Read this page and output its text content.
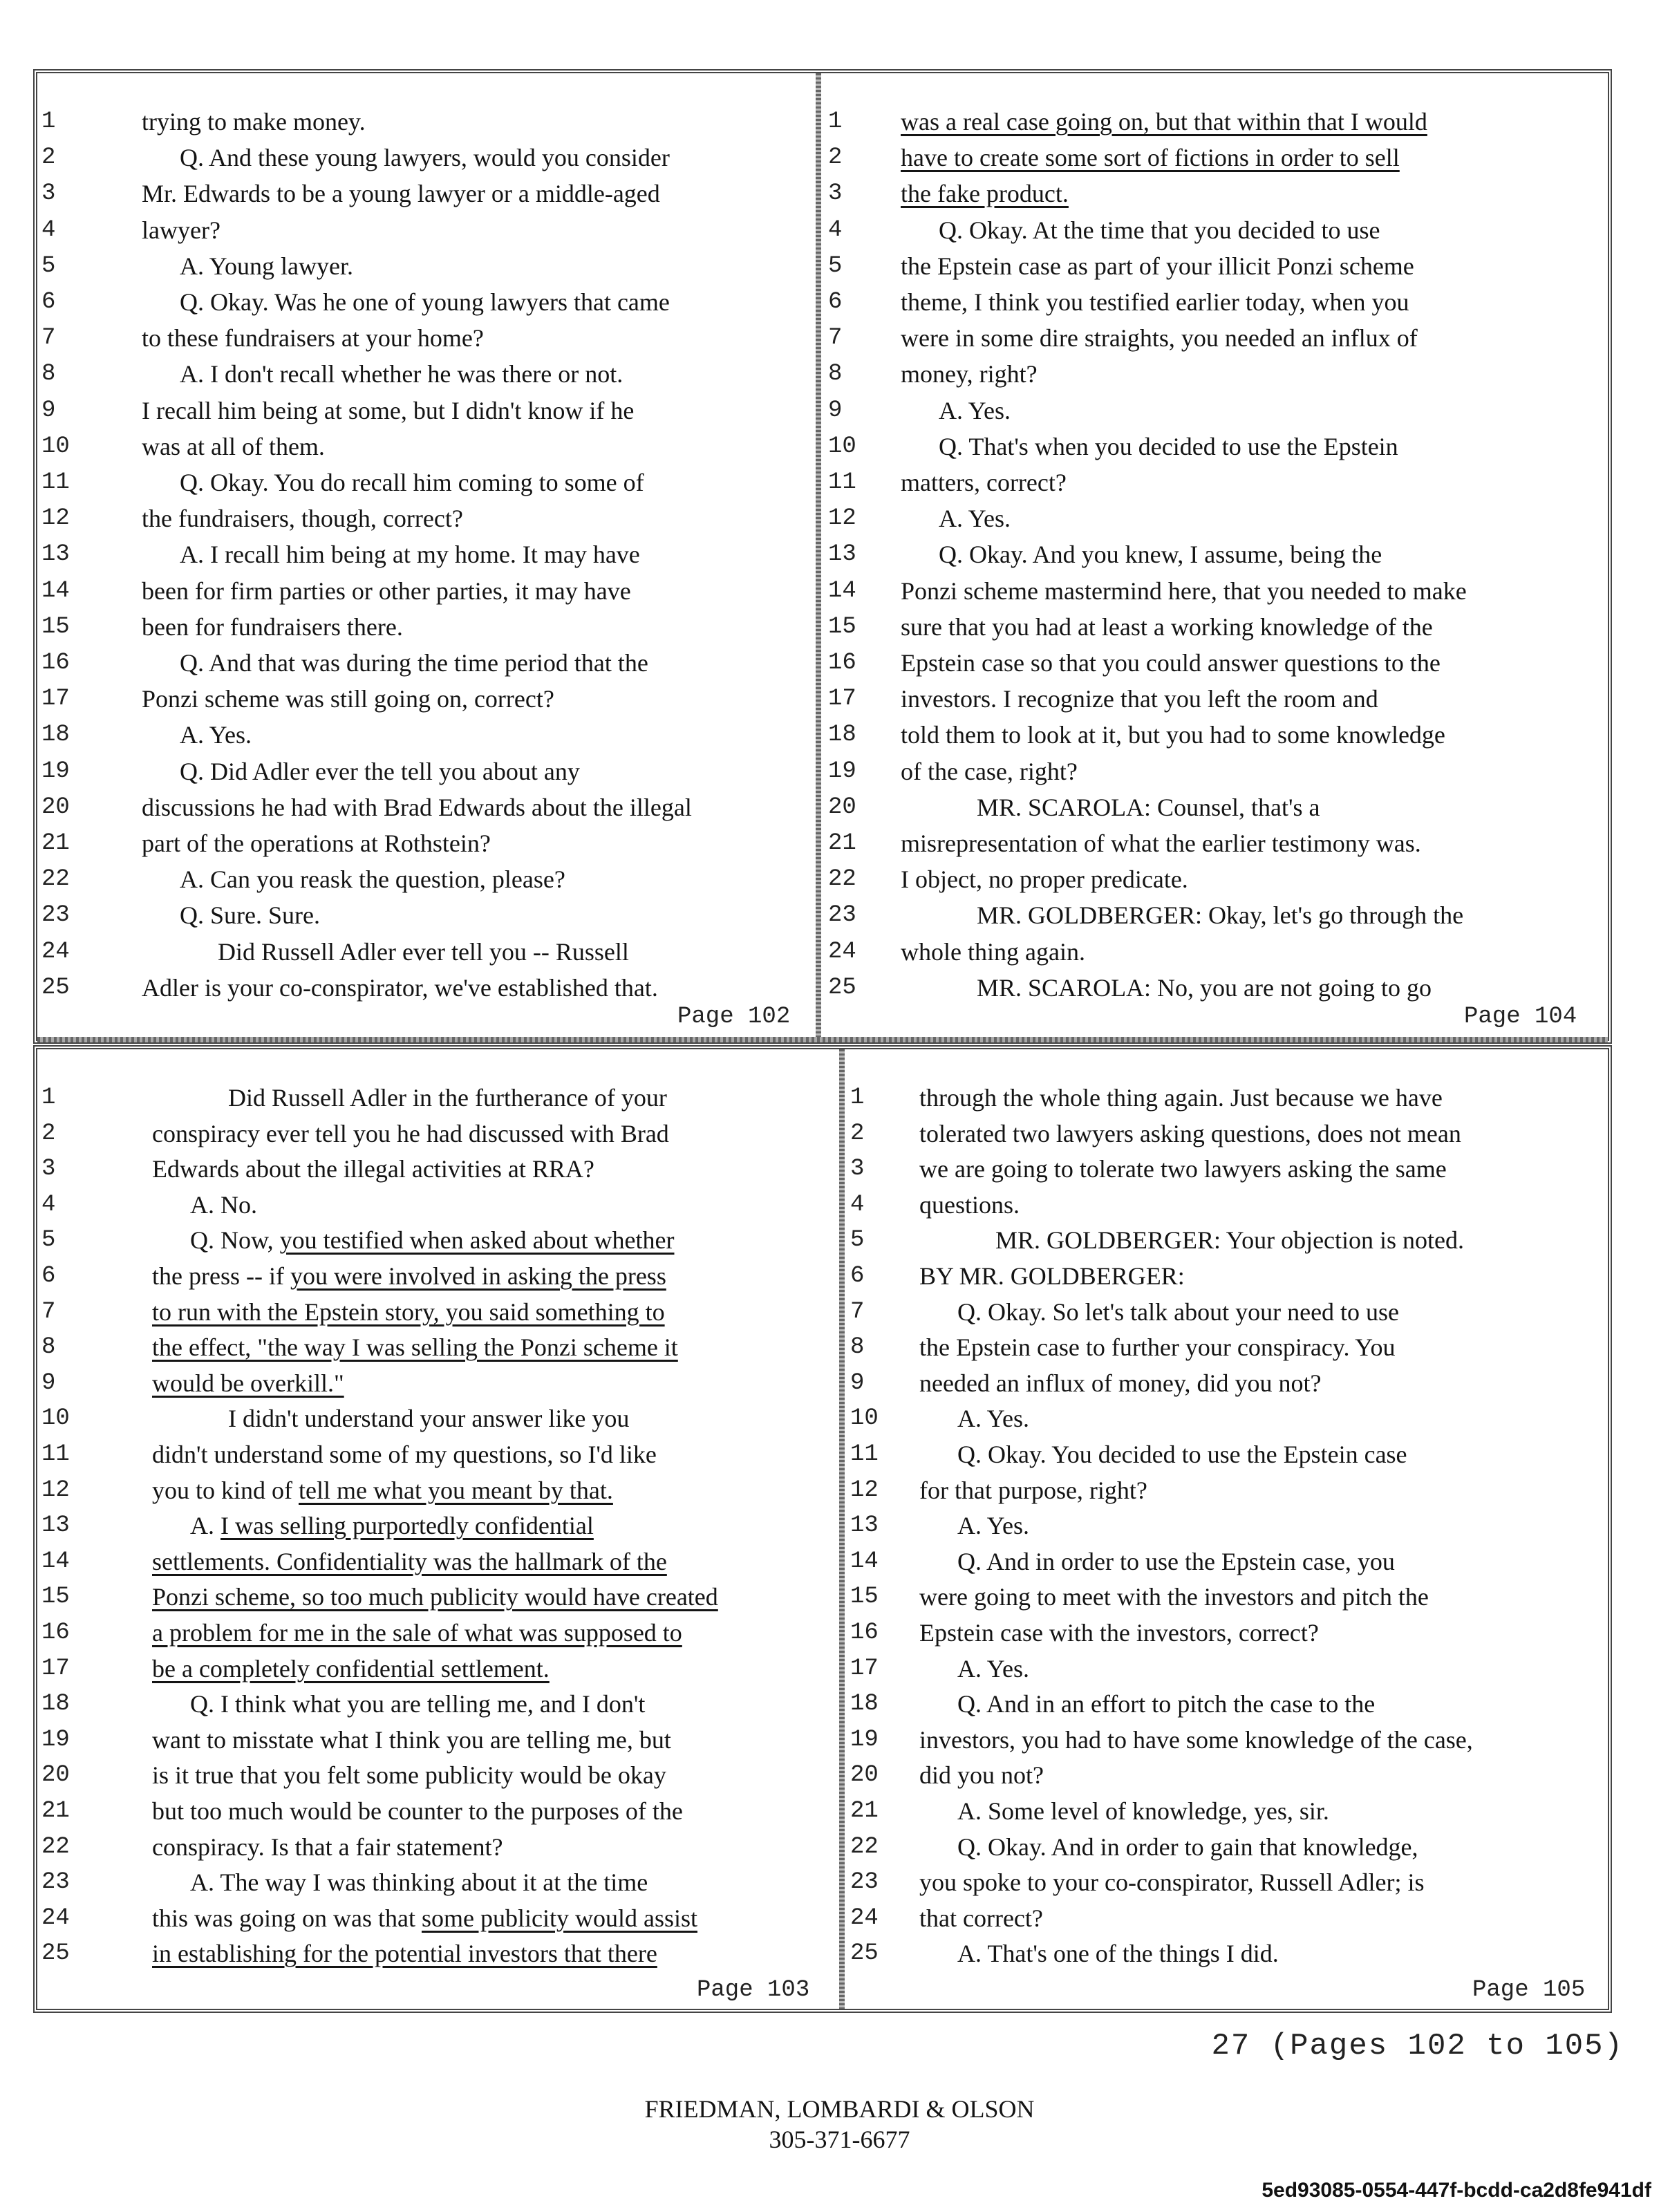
1	trying to make money.
2	Q. And these young lawyers, would you consider
3	Mr. Edwards to be a young lawyer or a middle-aged
4	lawyer?
5	A. Young lawyer.
6	Q. Okay. Was he one of young lawyers that came
7	to these fundraisers at your home?
8	A. I don't recall whether he was there or not.
9	I recall him being at some, but I didn't know if he
10	was at all of them.
11	Q. Okay. You do recall him coming to some of
12	the fundraisers, though, correct?
13	A. I recall him being at my home. It may have
14	been for firm parties or other parties, it may have
15	been for fundraisers there.
16	Q. And that was during the time period that the
17	Ponzi scheme was still going on, correct?
18	A. Yes.
19	Q. Did Adler ever the tell you about any
20	discussions he had with Brad Edwards about the illegal
21	part of the operations at Rothstein?
22	A. Can you reask the question, please?
23	Q. Sure. Sure.
24	Did Russell Adler ever tell you -- Russell
25	Adler is your co-conspirator, we've established that.
Page 102
1	was a real case going on, but that within that I would
2	have to create some sort of fictions in order to sell
3	the fake product.
4	Q. Okay. At the time that you decided to use
5	the Epstein case as part of your illicit Ponzi scheme
6	theme, I think you testified earlier today, when you
7	were in some dire straights, you needed an influx of
8	money, right?
9	A. Yes.
10	Q. That's when you decided to use the Epstein
11	matters, correct?
12	A. Yes.
13	Q. Okay. And you knew, I assume, being the
14	Ponzi scheme mastermind here, that you needed to make
15	sure that you had at least a working knowledge of the
16	Epstein case so that you could answer questions to the
17	investors. I recognize that you left the room and
18	told them to look at it, but you had to some knowledge
19	of the case, right?
20	MR. SCAROLA: Counsel, that's a
21	misrepresentation of what the earlier testimony was.
22	I object, no proper predicate.
23	MR. GOLDBERGER: Okay, let's go through the
24	whole thing again.
25	MR. SCAROLA: No, you are not going to go
Page 104
1	Did Russell Adler in the furtherance of your
2	conspiracy ever tell you he had discussed with Brad
3	Edwards about the illegal activities at RRA?
4	A. No.
5	Q. Now, you testified when asked about whether
6	the press -- if you were involved in asking the press
7	to run with the Epstein story, you said something to
8	the effect, "the way I was selling the Ponzi scheme it
9	would be overkill."
10	I didn't understand your answer like you
11	didn't understand some of my questions, so I'd like
12	you to kind of tell me what you meant by that.
13	A. I was selling purportedly confidential
14	settlements. Confidentiality was the hallmark of the
15	Ponzi scheme, so too much publicity would have created
16	a problem for me in the sale of what was supposed to
17	be a completely confidential settlement.
18	Q. I think what you are telling me, and I don't
19	want to misstate what I think you are telling me, but
20	is it true that you felt some publicity would be okay
21	but too much would be counter to the purposes of the
22	conspiracy. Is that a fair statement?
23	A. The way I was thinking about it at the time
24	this was going on was that some publicity would assist
25	in establishing for the potential investors that there
Page 103
1	through the whole thing again. Just because we have
2	tolerated two lawyers asking questions, does not mean
3	we are going to tolerate two lawyers asking the same
4	questions.
5	MR. GOLDBERGER: Your objection is noted.
6	BY MR. GOLDBERGER:
7	Q. Okay. So let's talk about your need to use
8	the Epstein case to further your conspiracy. You
9	needed an influx of money, did you not?
10	A. Yes.
11	Q. Okay. You decided to use the Epstein case
12	for that purpose, right?
13	A. Yes.
14	Q. And in order to use the Epstein case, you
15	were going to meet with the investors and pitch the
16	Epstein case with the investors, correct?
17	A. Yes.
18	Q. And in an effort to pitch the case to the
19	investors, you had to have some knowledge of the case,
20	did you not?
21	A. Some level of knowledge, yes, sir.
22	Q. Okay. And in order to gain that knowledge,
23	you spoke to your co-conspirator, Russell Adler; is
24	that correct?
25	A. That's one of the things I did.
Page 105
27 (Pages 102 to 105)
FRIEDMAN, LOMBARDI & OLSON
305-371-6677
5ed93085-0554-447f-bcdd-ca2d8fe941df
